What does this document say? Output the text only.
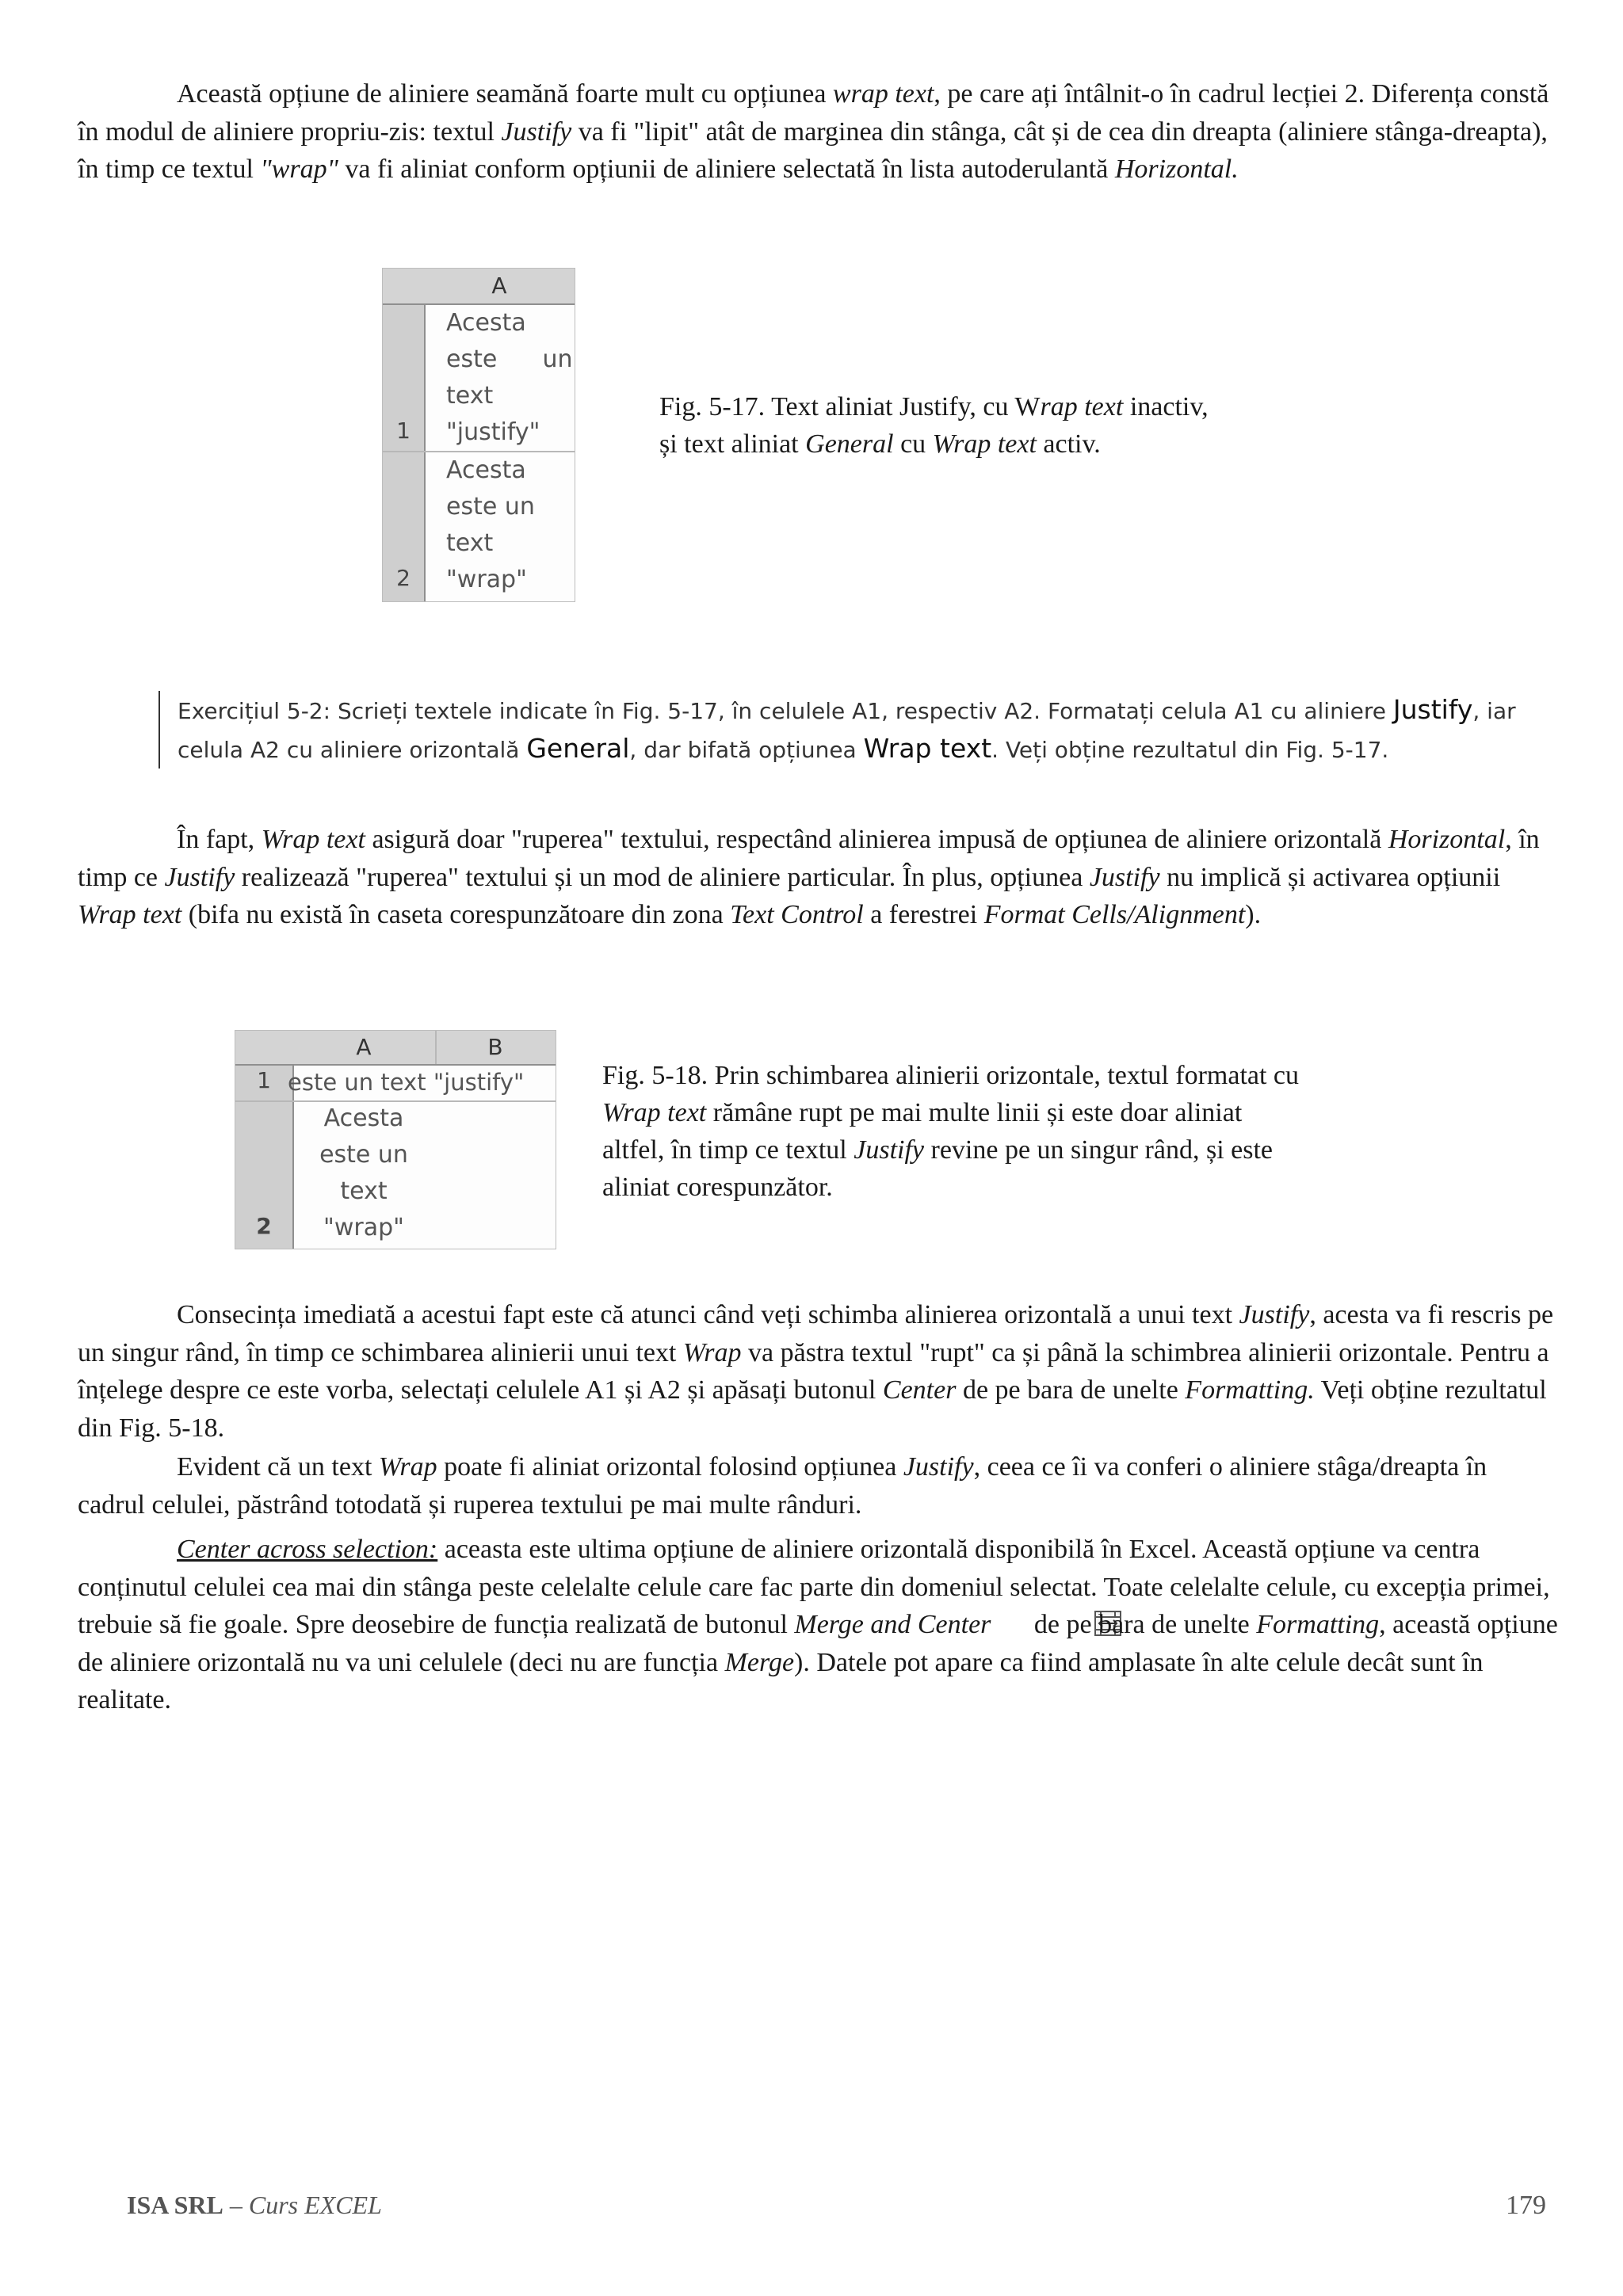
Această opțiune de aliniere seamănă foarte mult cu opțiunea wrap text, pe care ați întâlnit-o în cadrul lecției 2. Diferența constă în modul de aliniere propriu-zis: textul Justify va fi "lipit" atât de marginea din stânga, cât și de cea din dreapta (aliniere stânga-dreapta), în timp ce textul "wrap" va fi aliniat conform opțiunii de aliniere selectată în lista autoderulantă Horizontal.

A
1
2
Acesta
este      un
text
"justify"
Acesta
este un
text
"wrap"
Fig. 5-17. Text aliniat Justify, cu Wrap text inactiv,
și text aliniat General cu Wrap text activ.
Exercițiul 5-2: Scrieți textele indicate în Fig. 5-17, în celulele A1, respectiv A2. Formatați celula A1 cu aliniere Justify, iar celula A2 cu aliniere orizontală General, dar bifată opțiunea Wrap text. Veți obține rezultatul din Fig. 5-17.

În fapt, Wrap text asigură doar "ruperea" textului, respectând alinierea impusă de opțiunea de aliniere orizontală Horizontal, în timp ce Justify realizează "ruperea" textului și un mod de aliniere particular. În plus, opțiunea Justify nu implică și activarea opțiunii Wrap text (bifa nu există în caseta corespunzătoare din zona Text Control a ferestrei Format Cells/Alignment).

A	B
1
2
este un text "justify"
Acesta
este un
text
"wrap"
Fig. 5-18. Prin schimbarea alinierii orizontale, textul formatat cu
Wrap text rămâne rupt pe mai multe linii și este doar aliniat
altfel, în timp ce textul Justify revine pe un singur rând, și este
aliniat corespunzător.

Consecința imediată a acestui fapt este că atunci când veți schimba alinierea orizontală a unui text Justify, acesta va fi rescris pe un singur rând, în timp ce schimbarea alinierii unui text Wrap va păstra textul "rupt" ca și până la schimbrea alinierii orizontale. Pentru a înțelege despre ce este vorba, selectați celulele A1 și A2 și apăsați butonul Center de pe bara de unelte Formatting. Veți obține rezultatul din Fig. 5-18.

Evident că un text Wrap poate fi aliniat orizontal folosind opțiunea Justify, ceea ce îi va conferi o aliniere stâga/dreapta în cadrul celulei, păstrând totodată și ruperea textului pe mai multe rânduri.

Center across selection: aceasta este ultima opțiune de aliniere orizontală disponibilă în Excel. Această opțiune va centra conținutul celulei cea mai din stânga peste celelalte celule care fac parte din domeniul selectat. Toate celelalte celule, cu excepția primei, trebuie să fie goale. Spre deosebire de funcția realizată de butonul Merge and Center de pe bara de unelte Formatting, această opțiune de aliniere orizontală nu va uni celulele (deci nu are funcția Merge). Datele pot apare ca fiind amplasate în alte celule decât sunt în realitate.

ISA SRL – Curs EXCEL	179
